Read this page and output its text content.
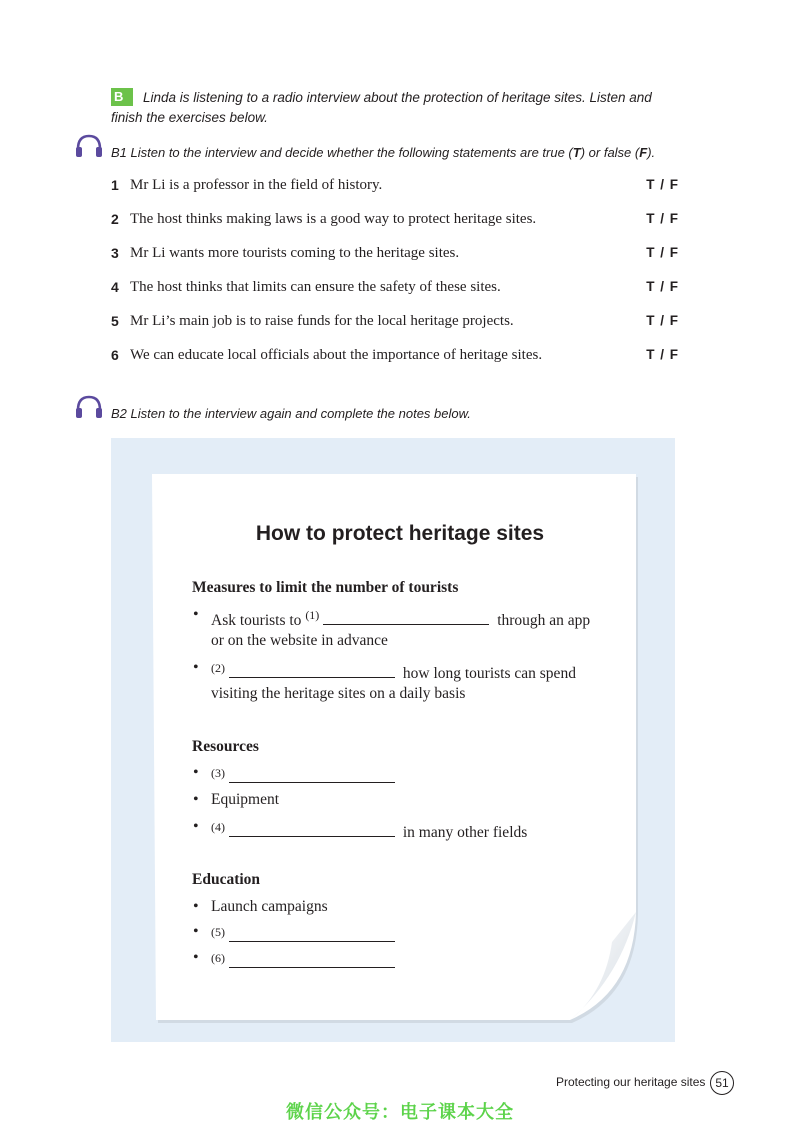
Linda is listening to a radio interview about the protection of heritage sites. Listen and finish the exercises below.
B
B1 Listen to the interview and decide whether the following statements are true (T) or false (F).
1 Mr Li is a professor in the field of history.	T / F
2 The host thinks making laws is a good way to protect heritage sites.	T / F
3 Mr Li wants more tourists coming to the heritage sites.	T / F
4 The host thinks that limits can ensure the safety of these sites.	T / F
5 Mr Li’s main job is to raise funds for the local heritage projects.	T / F
6 We can educate local officials about the importance of heritage sites.	T / F
B2 Listen to the interview again and complete the notes below.
How to protect heritage sites
Measures to limit the number of tourists
• Ask tourists to $^{(1)}$	through an app
or on the website in advance
• $^{(2)}$	how long tourists can spend
visiting the heritage sites on a daily basis
Resources
• $^{(3)}$
• Equipment
• $^{(4)}$	in many other fields
Education
• Launch campaigns
• $^{(5)}$
• $^{(6)}$
Protecting our heritage sites 51
微信公众号：电子课本大全
